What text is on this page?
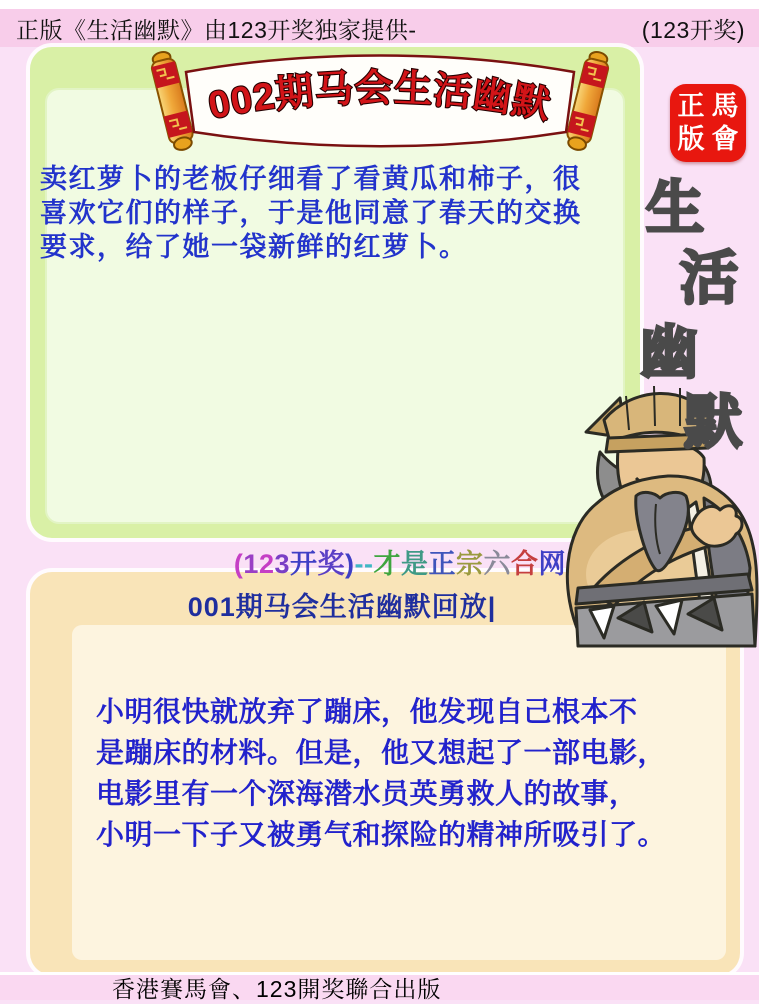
正版《生活幽默》由123开奖独家提供-	(123开奖)
002期马会生活幽默
卖红萝卜的老板仔细看了看黄瓜和柿子，很
喜欢它们的样子，于是他同意了春天的交换
要求，给了她一袋新鲜的红萝卜。
正 馬
版 會
生
活
幽
默
(123开奖)--才是正宗六合网
001期马会生活幽默回放|
小明很快就放弃了蹦床，他发现自己根本不
是蹦床的材料。但是，他又想起了一部电影，
电影里有一个深海潜水员英勇救人的故事，
小明一下子又被勇气和探险的精神所吸引了。
香港賽馬會、123開奖聯合出版
